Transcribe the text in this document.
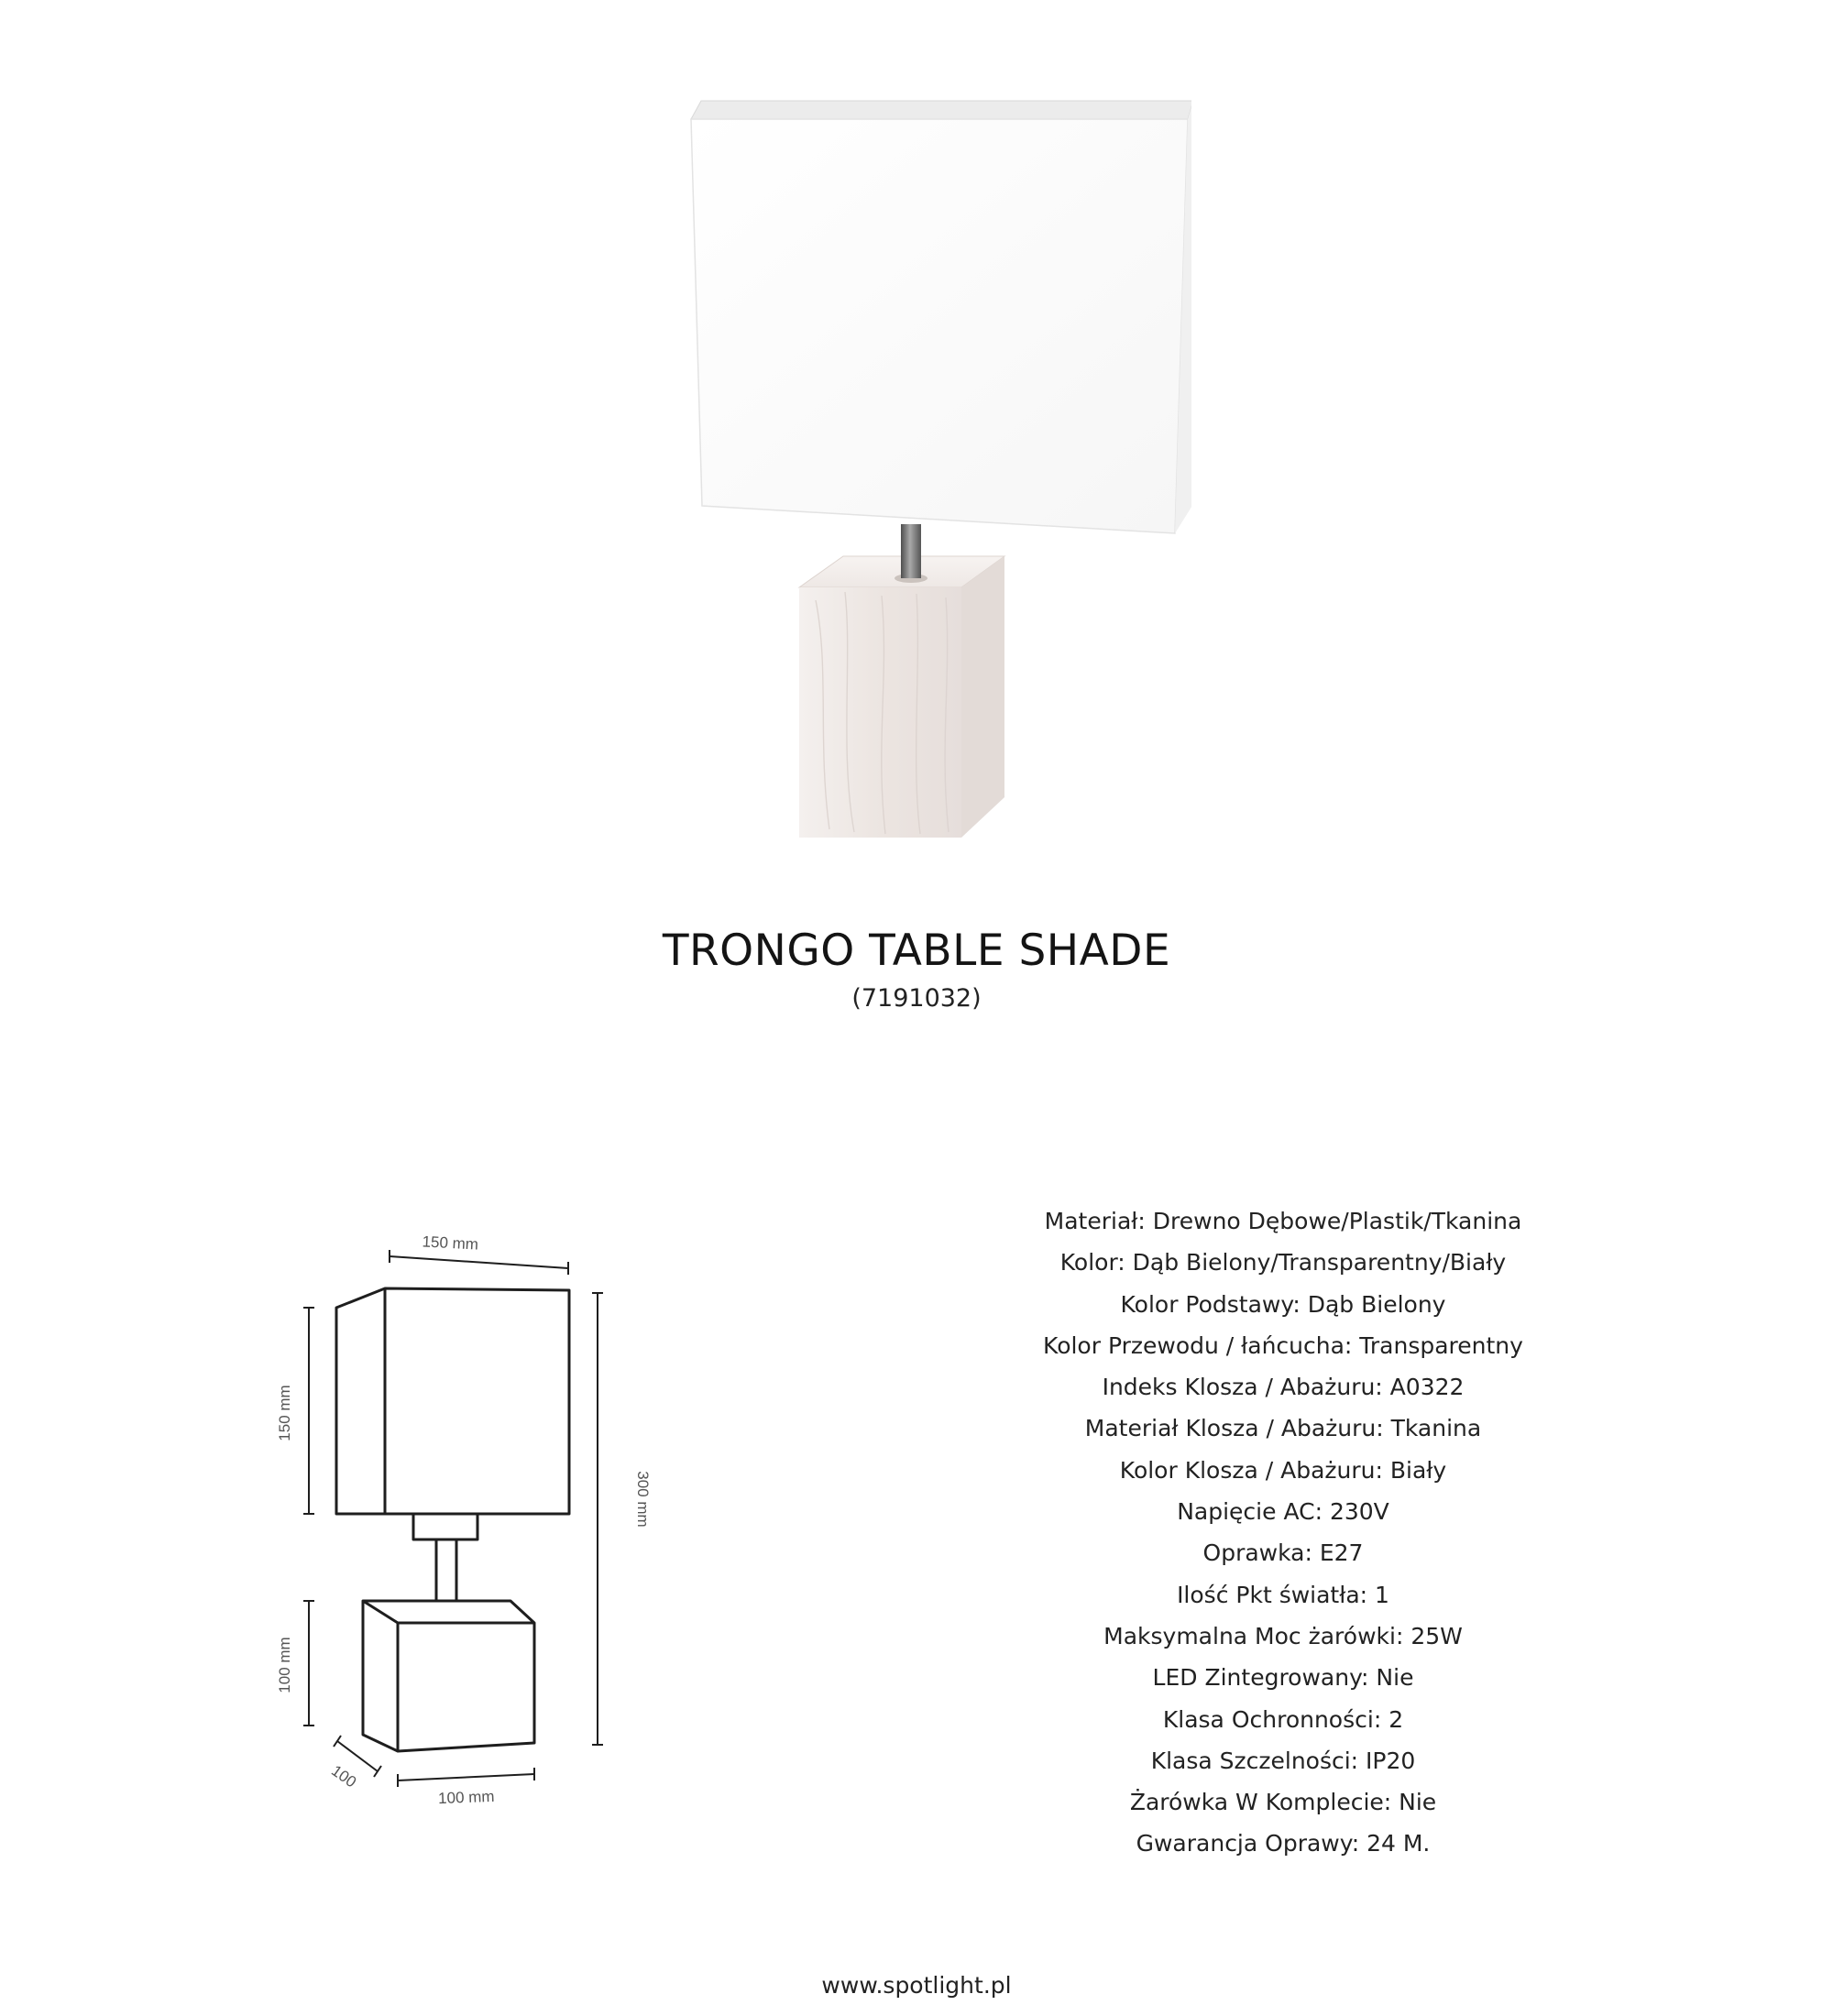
TRONGO TABLE SHADE
(7191032)
150 mm
150 mm
300 mm
100 mm
100
100 mm
Materiał: Drewno Dębowe/Plastik/Tkanina
Kolor: Dąb Bielony/Transparentny/Biały
Kolor Podstawy: Dąb Bielony
Kolor Przewodu / łańcucha: Transparentny
Indeks Klosza / Abażuru: A0322
Materiał Klosza / Abażuru: Tkanina
Kolor Klosza / Abażuru: Biały
Napięcie AC: 230V
Oprawka: E27
Ilość Pkt światła: 1
Maksymalna Moc żarówki: 25W
LED Zintegrowany: Nie
Klasa Ochronności: 2
Klasa Szczelności: IP20
Żarówka W Komplecie: Nie
Gwarancja Oprawy: 24 M.
www.spotlight.pl
